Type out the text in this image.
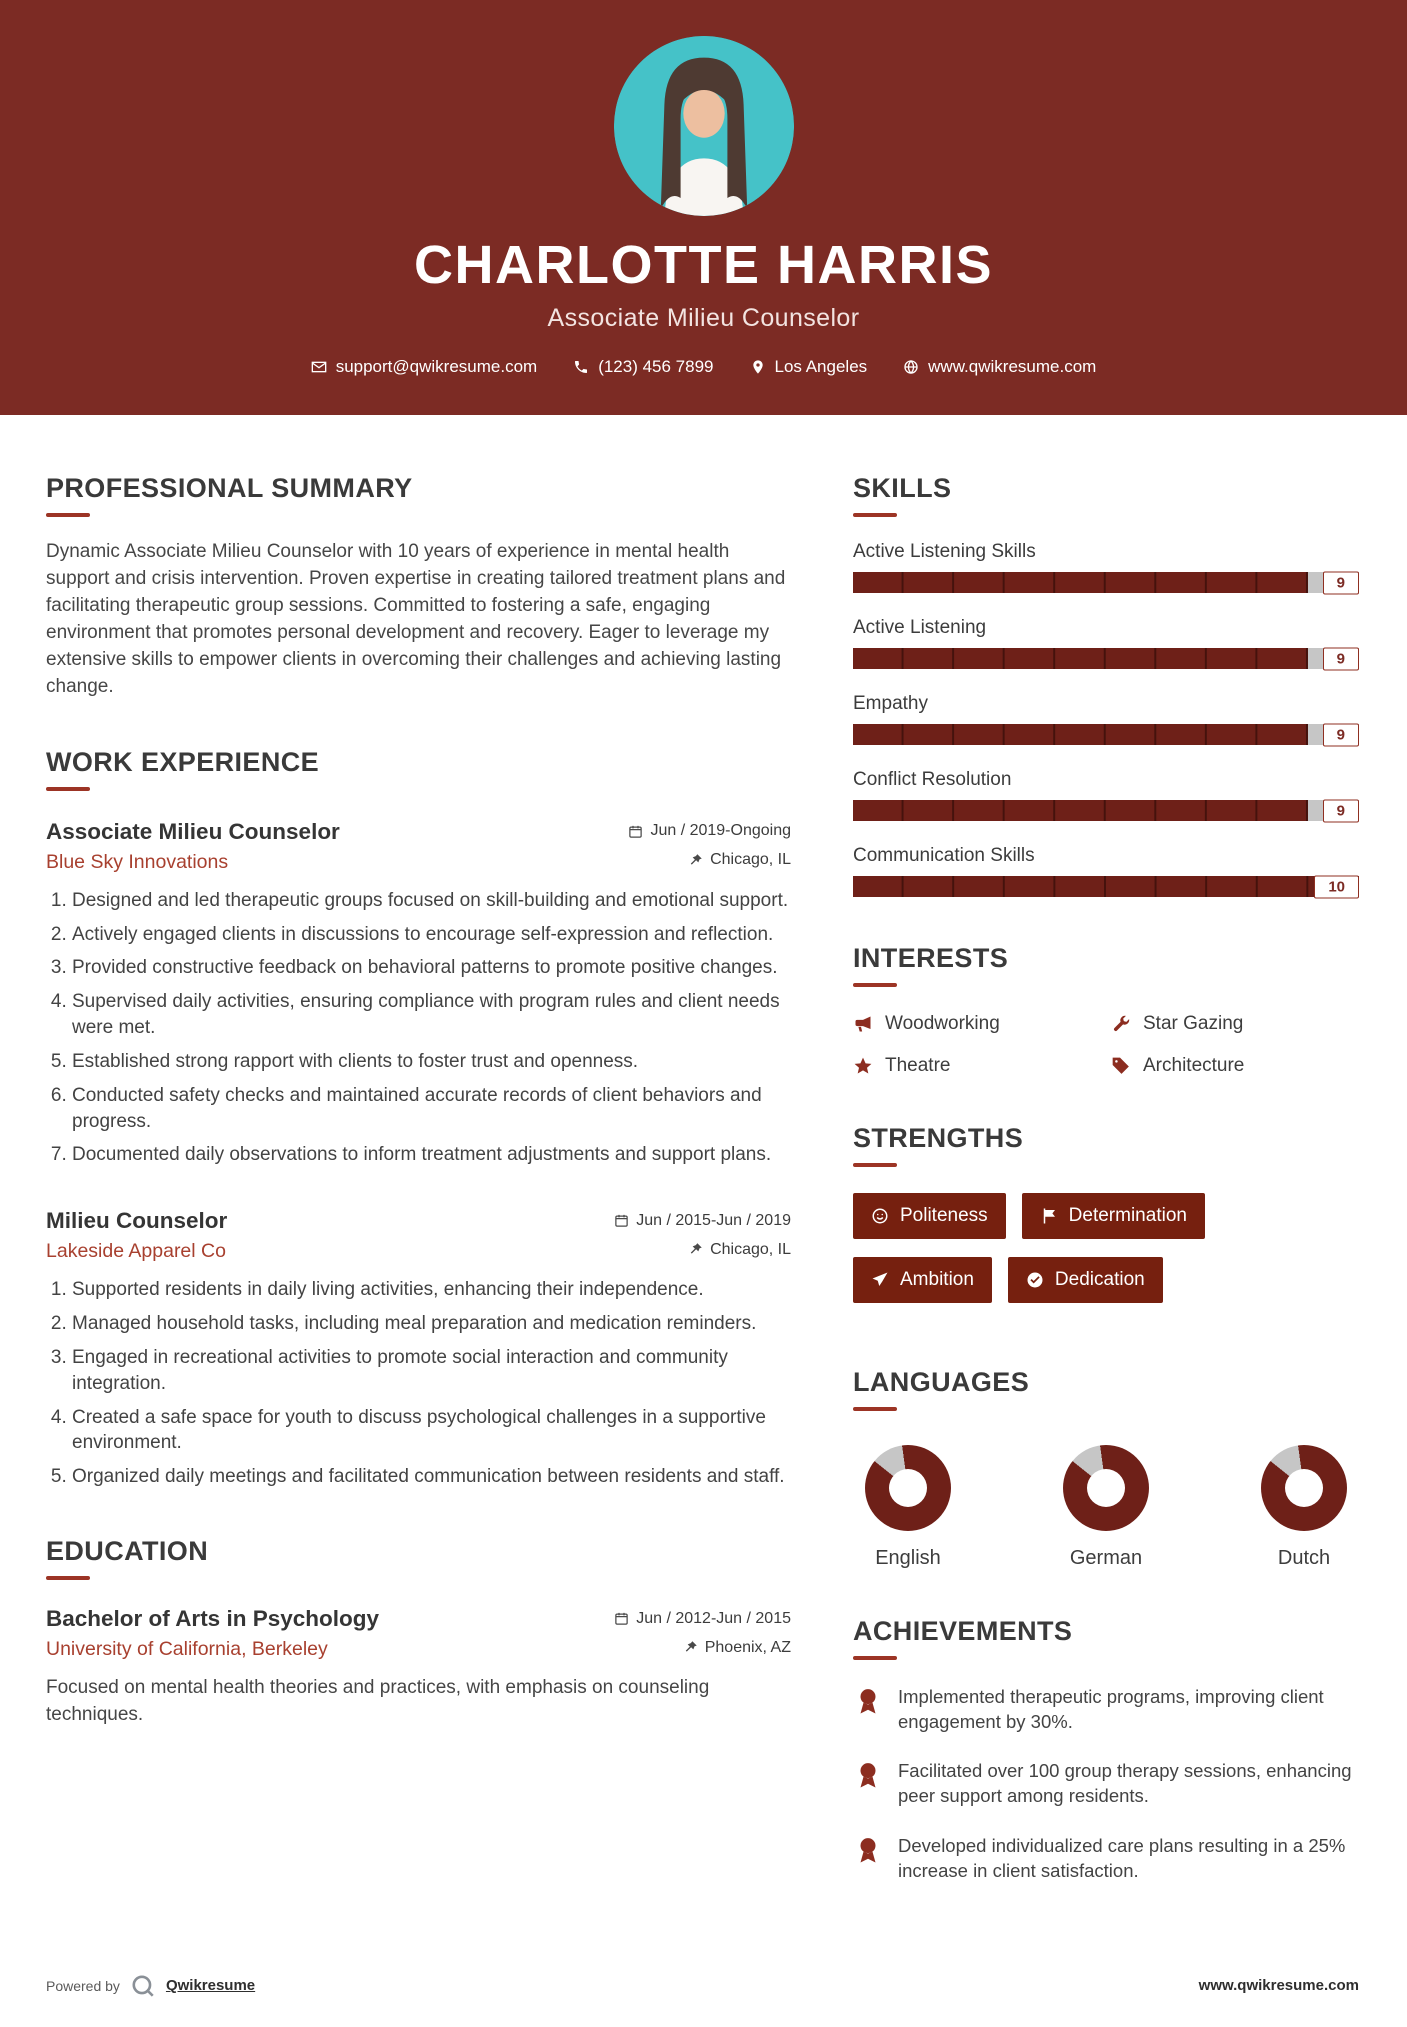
CHARLOTTE HARRIS
Associate Milieu Counselor
support@qwikresume.com	(123) 456 7899	Los Angeles	www.qwikresume.com
PROFESSIONAL SUMMARY

Dynamic Associate Milieu Counselor with 10 years of experience in mental health support and crisis intervention. Proven expertise in creating tailored treatment plans and facilitating therapeutic group sessions. Committed to fostering a safe, engaging environment that promotes personal development and recovery. Eager to leverage my extensive skills to empower clients in overcoming their challenges and achieving lasting change.

WORK EXPERIENCE
Associate Milieu Counselor	Jun / 2019-Ongoing
Blue Sky Innovations	Chicago, IL
1. Designed and led therapeutic groups focused on skill-building and emotional support.
2. Actively engaged clients in discussions to encourage self-expression and reflection.
3. Provided constructive feedback on behavioral patterns to promote positive changes.
4. Supervised daily activities, ensuring compliance with program rules and client needs were met.
5. Established strong rapport with clients to foster trust and openness.
6. Conducted safety checks and maintained accurate records of client behaviors and progress.
7. Documented daily observations to inform treatment adjustments and support plans.
Milieu Counselor	Jun / 2015-Jun / 2019
Lakeside Apparel Co	Chicago, IL
1. Supported residents in daily living activities, enhancing their independence.
2. Managed household tasks, including meal preparation and medication reminders.
3. Engaged in recreational activities to promote social interaction and community integration.
4. Created a safe space for youth to discuss psychological challenges in a supportive environment.
5. Organized daily meetings and facilitated communication between residents and staff.
EDUCATION
Bachelor of Arts in Psychology	Jun / 2012-Jun / 2015
University of California, Berkeley	Phoenix, AZ

Focused on mental health theories and practices, with emphasis on counseling techniques.

SKILLS
Active Listening Skills
9
Active Listening
9
Empathy
9
Conflict Resolution
9
Communication Skills
10
INTERESTS
Woodworking	Star Gazing
Theatre	Architecture
STRENGTHS
Politeness	Determination
Ambition	Dedication
LANGUAGES
English	German	Dutch
ACHIEVEMENTS

Implemented therapeutic programs, improving client engagement by 30%.

Facilitated over 100 group therapy sessions, enhancing peer support among residents.

Developed individualized care plans resulting in a 25% increase in client satisfaction.

Powered by	Qwikresume	www.qwikresume.com
